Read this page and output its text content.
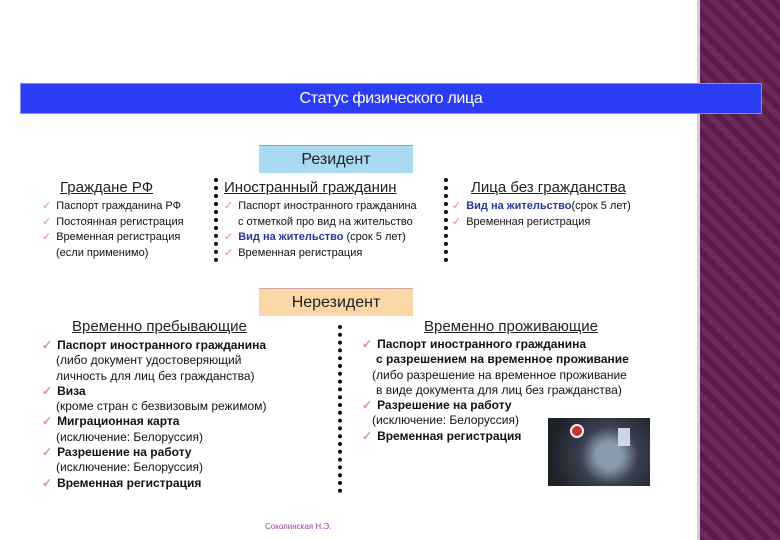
Статус физического лица
Резидент
Граждане РФ
✓ Паспорт гражданина РФ
✓ Постоянная регистрация
✓ Временная регистрация
(если применимо)
Иностранный гражданин
✓ Паспорт иностранного гражданина
с отметкой про вид на жительство
✓ Вид на жительство (срок 5 лет)
✓ Временная регистрация
Лица без гражданства
✓ Вид на жительство(срок 5 лет)
✓ Временная регистрация
Нерезидент
Временно пребывающие
✓ Паспорт иностранного гражданина
(либо документ удостоверяющий
личность для лиц без гражданства)
✓ Виза
(кроме стран с безвизовым режимом)
✓ Миграционная карта
(исключение: Белоруссия)
✓ Разрешение на работу
(исключение: Белоруссия)
✓ Временная регистрация
Временно проживающие
✓ Паспорт иностранного гражданина
с разрешением на временное проживание
(либо разрешение на временное проживание
в виде документа для лиц без гражданства)
✓ Разрешение на работу
(исключение: Белоруссия)
✓ Временная регистрация
Соколинская Н.Э.
